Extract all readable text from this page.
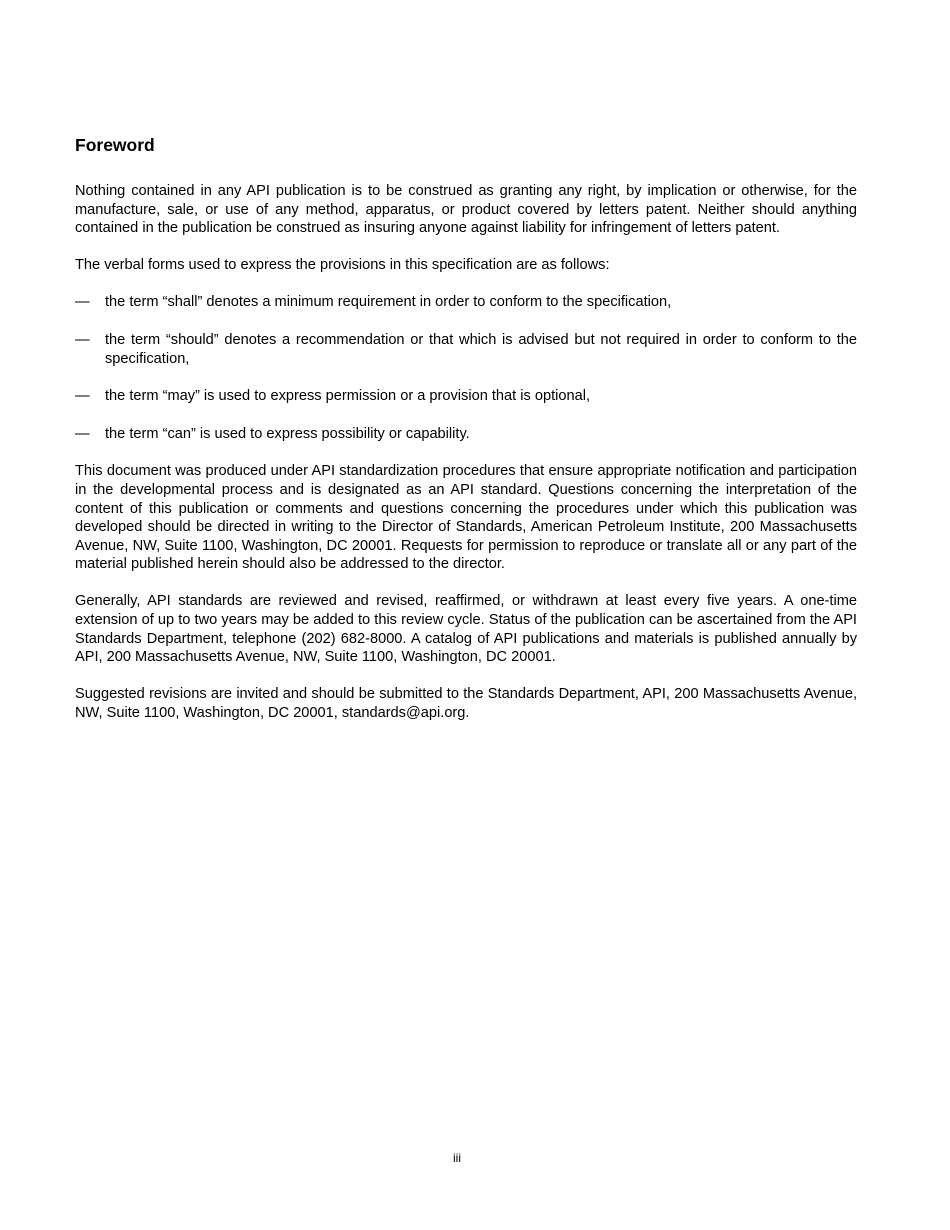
Foreword

Nothing contained in any API publication is to be construed as granting any right, by implication or otherwise, for the manufacture, sale, or use of any method, apparatus, or product covered by letters patent. Neither should anything contained in the publication be construed as insuring anyone against liability for infringement of letters patent.

The verbal forms used to express the provisions in this specification are as follows:

—	the term “shall” denotes a minimum requirement in order to conform to the specification,
—	the term “should” denotes a recommendation or that which is advised but not required in order to conform to the specification,
—	the term “may” is used to express permission or a provision that is optional,
—	the term “can” is used to express possibility or capability.

This document was produced under API standardization procedures that ensure appropriate notification and participation in the developmental process and is designated as an API standard. Questions concerning the interpretation of the content of this publication or comments and questions concerning the procedures under which this publication was developed should be directed in writing to the Director of Standards, American Petroleum Institute, 200 Massachusetts Avenue, NW, Suite 1100, Washington, DC 20001. Requests for permission to reproduce or translate all or any part of the material published herein should also be addressed to the director.

Generally, API standards are reviewed and revised, reaffirmed, or withdrawn at least every five years. A one-time extension of up to two years may be added to this review cycle. Status of the publication can be ascertained from the API Standards Department, telephone (202) 682-8000. A catalog of API publications and materials is published annually by API, 200 Massachusetts Avenue, NW, Suite 1100, Washington, DC 20001.

Suggested revisions are invited and should be submitted to the Standards Department, API, 200 Massachusetts Avenue, NW, Suite 1100, Washington, DC 20001, standards@api.org.

iii
